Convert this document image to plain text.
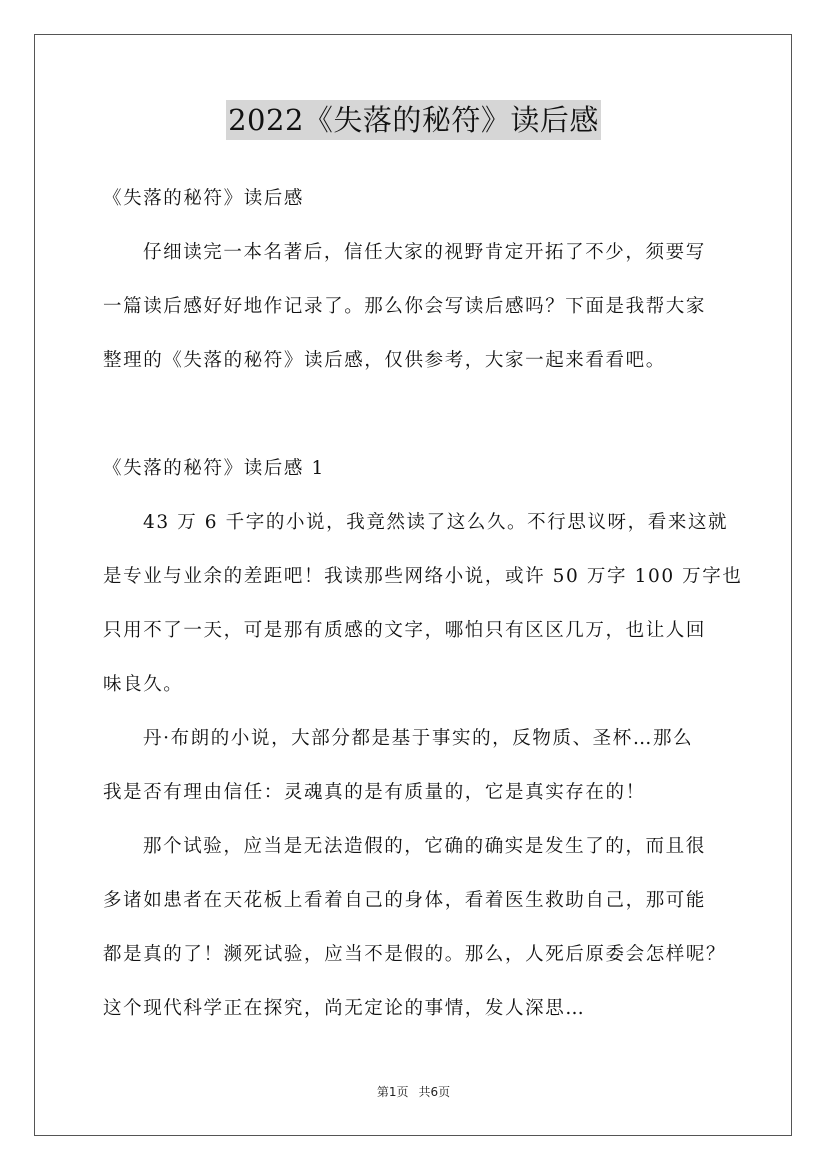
2022《失落的秘符》读后感
《失落的秘符》读后感
仔细读完一本名著后，信任大家的视野肯定开拓了不少，须要写
一篇读后感好好地作记录了。那么你会写读后感吗？下面是我帮大家
整理的《失落的秘符》读后感，仅供参考，大家一起来看看吧。
《失落的秘符》读后感 1
43 万 6 千字的小说，我竟然读了这么久。不行思议呀，看来这就
是专业与业余的差距吧！我读那些网络小说，或许 50 万字 100 万字也
只用不了一天，可是那有质感的文字，哪怕只有区区几万，也让人回
味良久。
丹·布朗的小说，大部分都是基于事实的，反物质、圣杯…那么
我是否有理由信任：灵魂真的是有质量的，它是真实存在的！
那个试验，应当是无法造假的，它确的确实是发生了的，而且很
多诸如患者在天花板上看着自己的身体，看着医生救助自己，那可能
都是真的了！濒死试验，应当不是假的。那么，人死后原委会怎样呢？
这个现代科学正在探究，尚无定论的事情，发人深思…
第1页 共6页
